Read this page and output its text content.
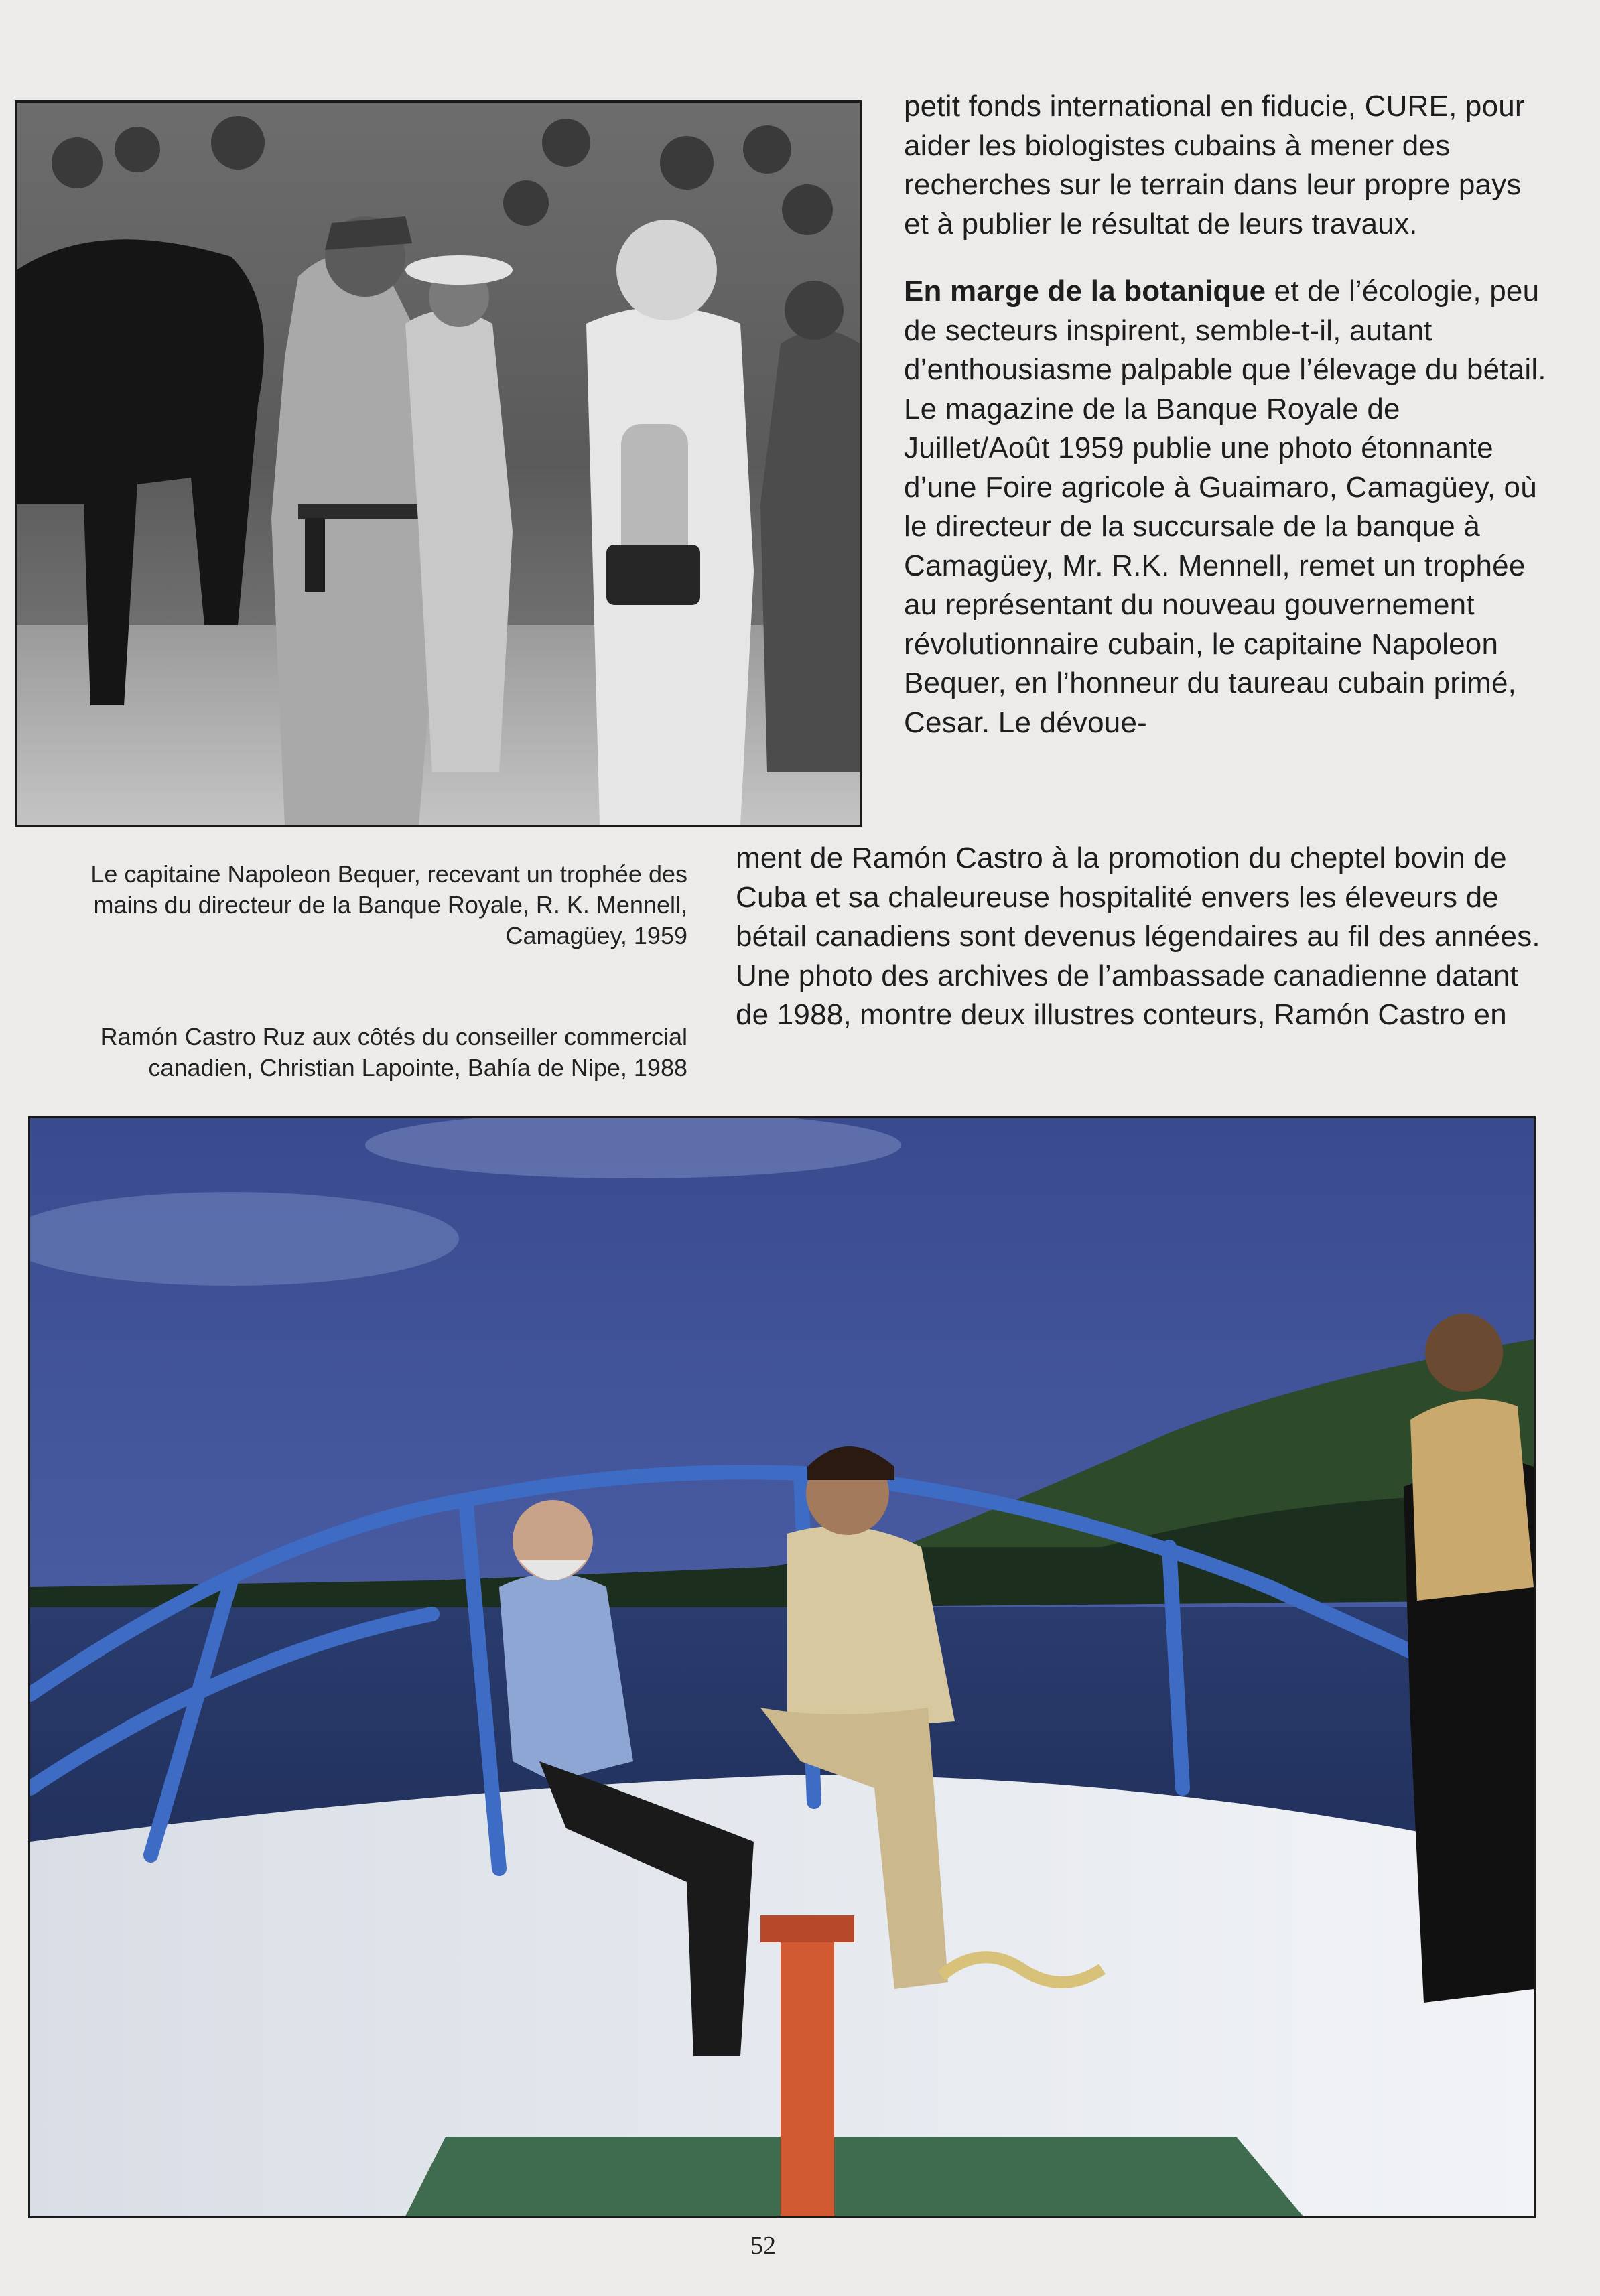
petit fonds international en fiducie, CURE, pour aider les biologistes cubains à mener des recherches sur le terrain dans leur propre pays et à publier le résultat de leurs travaux.

En marge de la botanique et de l’écologie, peu de secteurs inspirent, semble-t-il, autant d’enthousiasme palpable que l’élevage du bétail. Le magazine de la Banque Royale de Juillet/Août 1959 publie une photo étonnante d’une Foire agricole à Guaimaro, Camagüey, où le directeur de la succursale de la banque à Camagüey, Mr. R.K. Mennell, remet un trophée au représentant du nouveau gouvernement révolutionnaire cubain, le capitaine Napoleon Bequer, en l’honneur du taureau cubain primé, Cesar. Le dévoue-

ment de Ramón Castro à la promotion du cheptel bovin de Cuba et sa chaleureuse hospitalité envers les éleveurs de bétail canadiens sont devenus légendaires au fil des années. Une photo des archives de l’ambassade canadienne datant de 1988, montre deux illustres conteurs, Ramón Castro en

Le capitaine Napoleon Bequer, recevant un trophée des mains du directeur de la Banque Royale, R. K. Mennell, Camagüey, 1959
Ramón Castro Ruz aux côtés du conseiller commercial canadien, Christian Lapointe, Bahía de Nipe, 1988
52
